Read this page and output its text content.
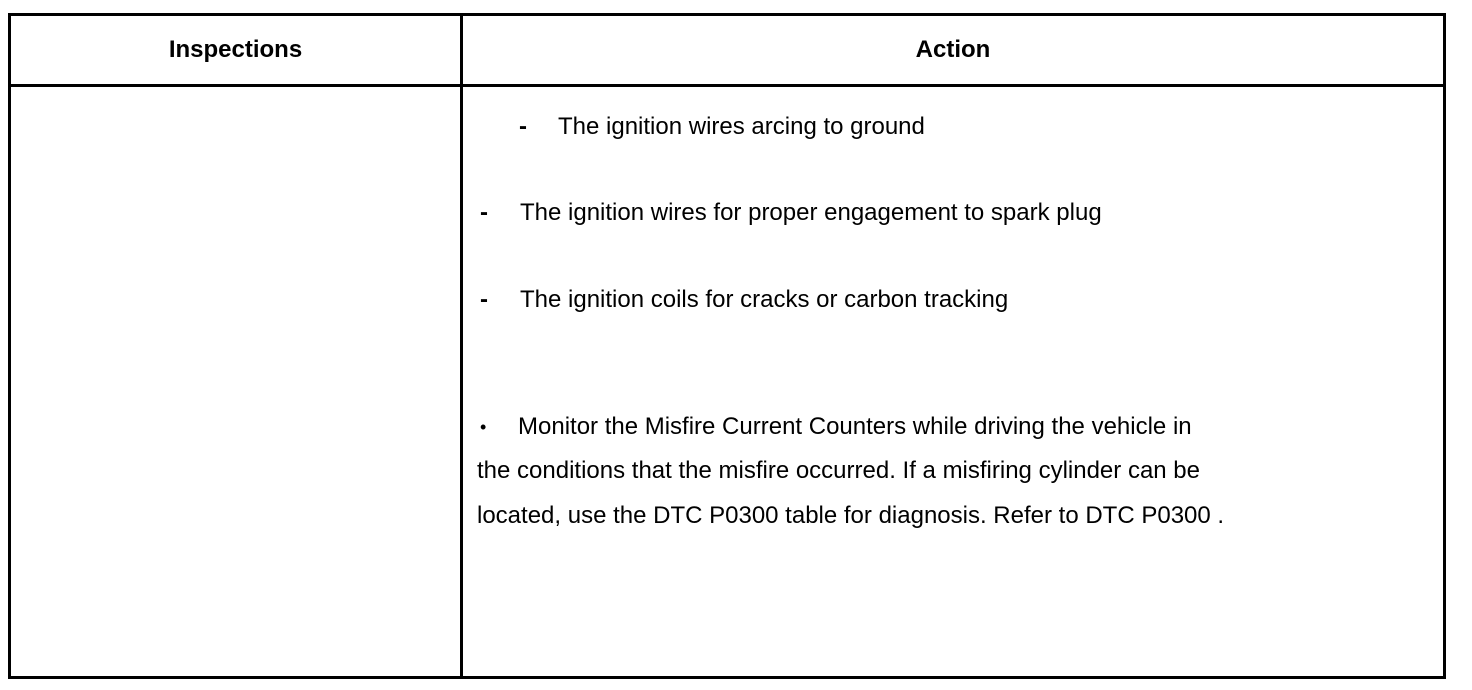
Inspections	Action
- The ignition wires arcing to ground
- The ignition wires for proper engagement to spark plug
- The ignition coils for cracks or carbon tracking
• Monitor the Misfire Current Counters while driving the vehicle in
the conditions that the misfire occurred. If a misfiring cylinder can be
located, use the DTC P0300 table for diagnosis. Refer to DTC P0300 .
